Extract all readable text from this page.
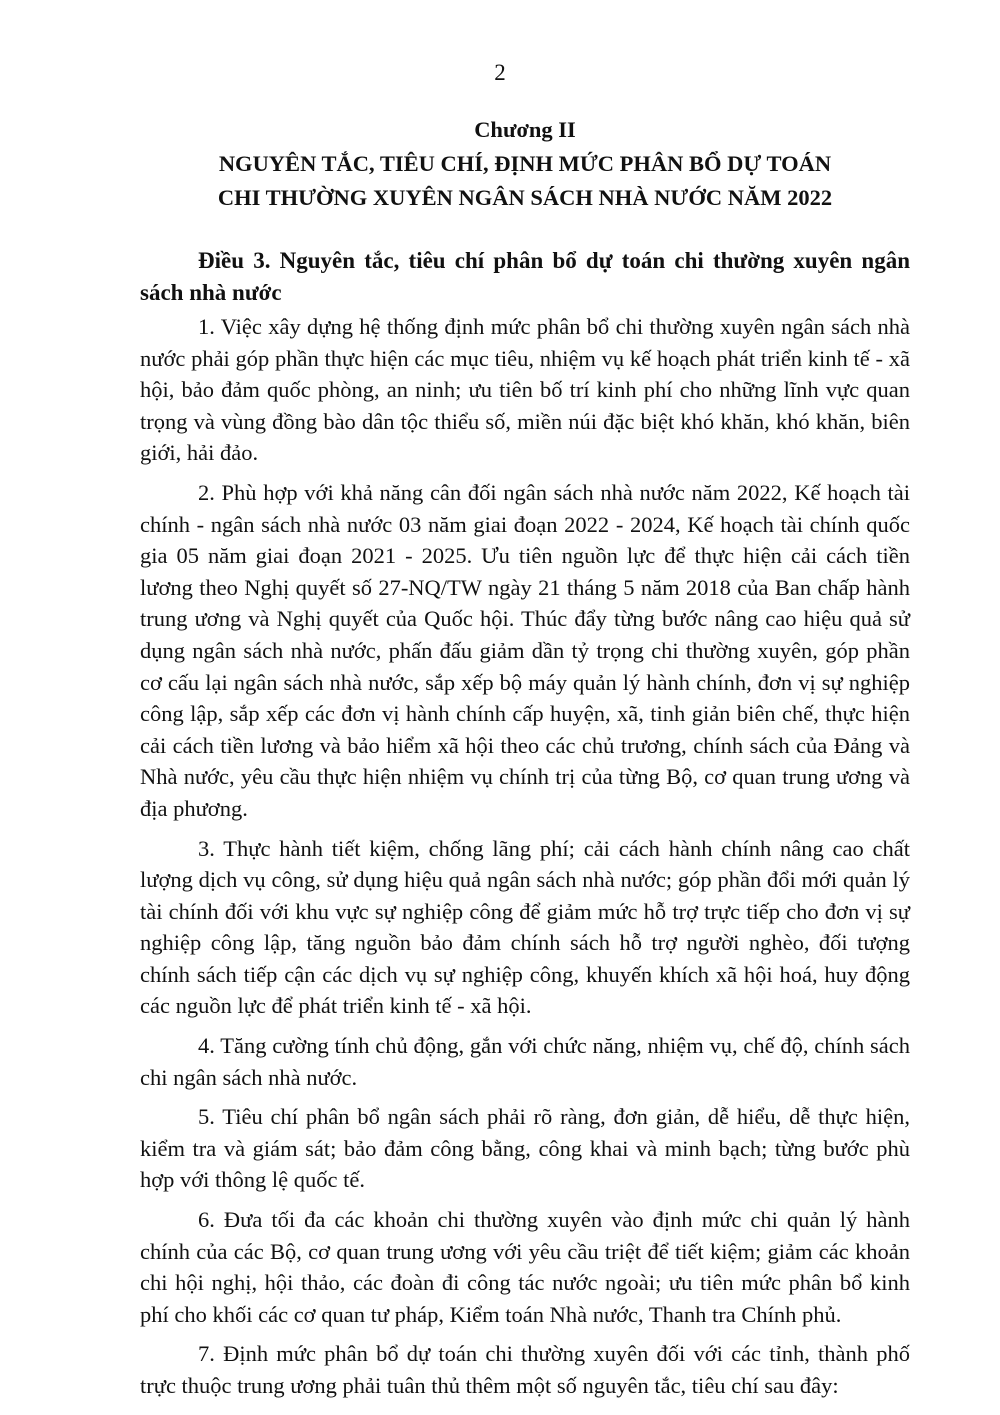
2
Chương II
NGUYÊN TẮC, TIÊU CHÍ, ĐỊNH MỨC PHÂN BỔ DỰ TOÁN
CHI THƯỜNG XUYÊN NGÂN SÁCH NHÀ NƯỚC NĂM 2022
Điều 3. Nguyên tắc, tiêu chí phân bổ dự toán chi thường xuyên ngân sách nhà nước

1. Việc xây dựng hệ thống định mức phân bổ chi thường xuyên ngân sách nhà nước phải góp phần thực hiện các mục tiêu, nhiệm vụ kế hoạch phát triển kinh tế - xã hội, bảo đảm quốc phòng, an ninh; ưu tiên bố trí kinh phí cho những lĩnh vực quan trọng và vùng đồng bào dân tộc thiểu số, miền núi đặc biệt khó khăn, khó khăn, biên giới, hải đảo.

2. Phù hợp với khả năng cân đối ngân sách nhà nước năm 2022, Kế hoạch tài chính - ngân sách nhà nước 03 năm giai đoạn 2022 - 2024, Kế hoạch tài chính quốc gia 05 năm giai đoạn 2021 - 2025. Ưu tiên nguồn lực để thực hiện cải cách tiền lương theo Nghị quyết số 27-NQ/TW ngày 21 tháng 5 năm 2018 của Ban chấp hành trung ương và Nghị quyết của Quốc hội. Thúc đẩy từng bước nâng cao hiệu quả sử dụng ngân sách nhà nước, phấn đấu giảm dần tỷ trọng chi thường xuyên, góp phần cơ cấu lại ngân sách nhà nước, sắp xếp bộ máy quản lý hành chính, đơn vị sự nghiệp công lập, sắp xếp các đơn vị hành chính cấp huyện, xã, tinh giản biên chế, thực hiện cải cách tiền lương và bảo hiểm xã hội theo các chủ trương, chính sách của Đảng và Nhà nước, yêu cầu thực hiện nhiệm vụ chính trị của từng Bộ, cơ quan trung ương và địa phương.

3. Thực hành tiết kiệm, chống lãng phí; cải cách hành chính nâng cao chất lượng dịch vụ công, sử dụng hiệu quả ngân sách nhà nước; góp phần đổi mới quản lý tài chính đối với khu vực sự nghiệp công để giảm mức hỗ trợ trực tiếp cho đơn vị sự nghiệp công lập, tăng nguồn bảo đảm chính sách hỗ trợ người nghèo, đối tượng chính sách tiếp cận các dịch vụ sự nghiệp công, khuyến khích xã hội hoá, huy động các nguồn lực để phát triển kinh tế - xã hội.

4. Tăng cường tính chủ động, gắn với chức năng, nhiệm vụ, chế độ, chính sách chi ngân sách nhà nước.

5. Tiêu chí phân bổ ngân sách phải rõ ràng, đơn giản, dễ hiểu, dễ thực hiện, kiểm tra và giám sát; bảo đảm công bằng, công khai và minh bạch; từng bước phù hợp với thông lệ quốc tế.

6. Đưa tối đa các khoản chi thường xuyên vào định mức chi quản lý hành chính của các Bộ, cơ quan trung ương với yêu cầu triệt để tiết kiệm; giảm các khoản chi hội nghị, hội thảo, các đoàn đi công tác nước ngoài; ưu tiên mức phân bổ kinh phí cho khối các cơ quan tư pháp, Kiểm toán Nhà nước, Thanh tra Chính phủ.

7. Định mức phân bổ dự toán chi thường xuyên đối với các tỉnh, thành phố trực thuộc trung ương phải tuân thủ thêm một số nguyên tắc, tiêu chí sau đây:
